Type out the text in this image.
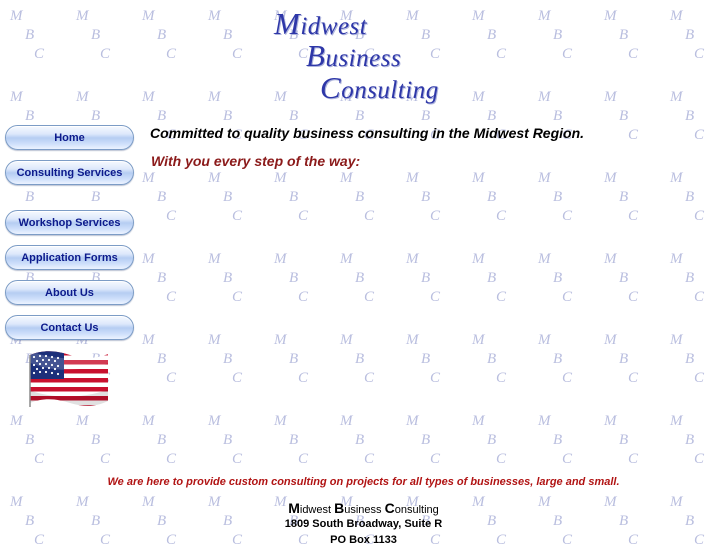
Midwest
Business
Consulting
Home
Consulting Services
Workshop Services
Application Forms
About Us
Contact Us
Committed to quality business consulting in the Midwest Region.
With you every step of the way:
We are here to provide custom consulting on projects for all types of businesses, large and small.
Midwest Business Consulting
1809 South Broadway, Suite R
PO Box 1133
